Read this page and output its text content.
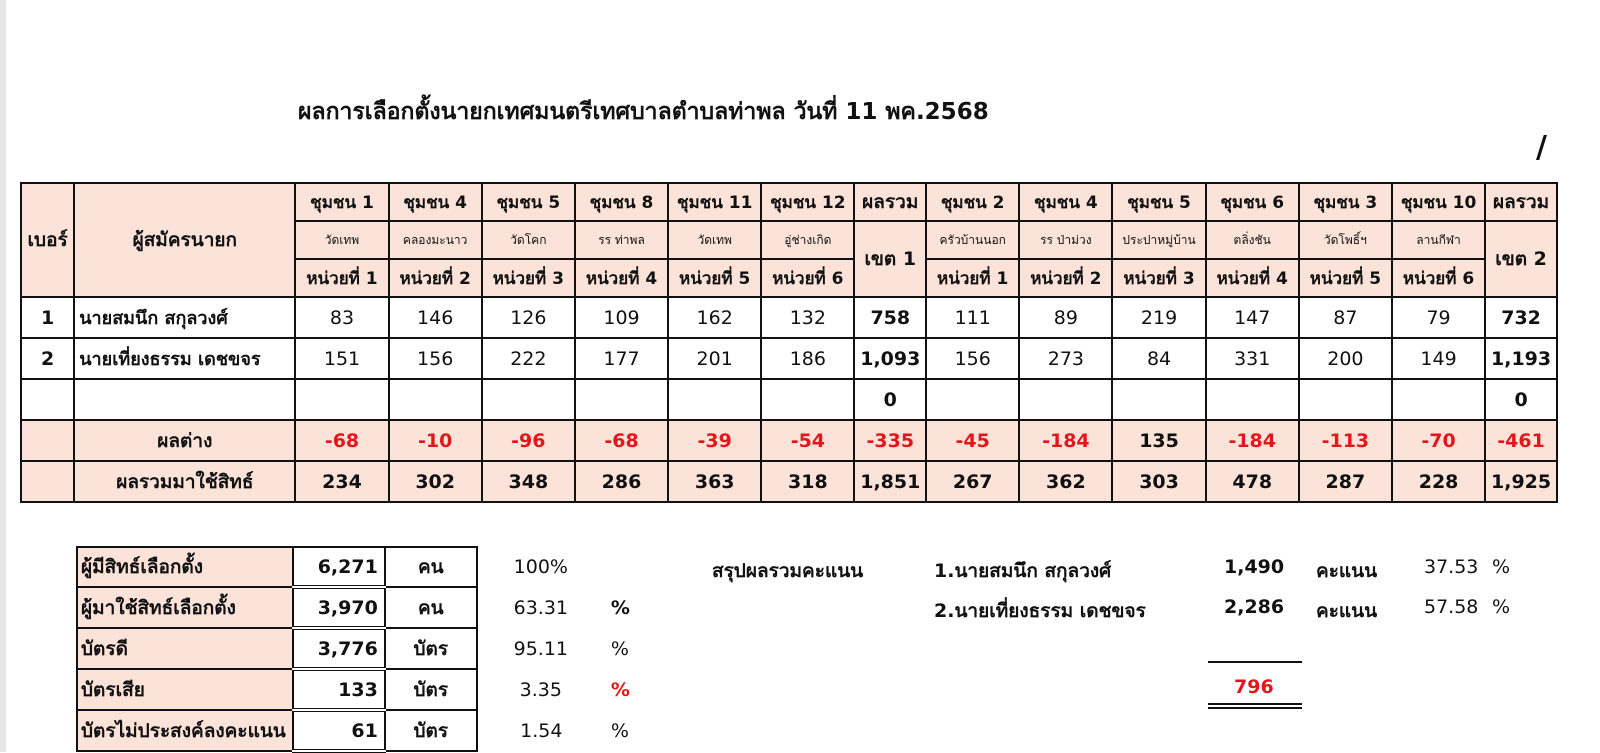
ผลการเลือกตั้งนายกเทศมนตรีเทศบาลตำบลท่าพล วันที่ 11 พค.2568
/
เบอร์	ผู้สมัครนายก	ชุมชน 1	ชุมชน 4	ชุมชน 5	ชุมชน 8	ชุมชน 11	ชุมชน 12	ผลรวม	ชุมชน 2	ชุมชน 4	ชุมชน 5	ชุมชน 6	ชุมชน 3	ชุมชน 10	ผลรวม
		วัดเทพ	คลองมะนาว	วัดโคก	รร ท่าพล	วัดเทพ	อู่ช่างเกิด	เขต 1	ครัวบ้านนอก	รร ป่าม่วง	ประปาหมู่บ้าน	ตลิ่งชัน	วัดโพธิ์ฯ	ลานกีฬา	เขต 2
		หน่วยที่ 1	หน่วยที่ 2	หน่วยที่ 3	หน่วยที่ 4	หน่วยที่ 5	หน่วยที่ 6		หน่วยที่ 1	หน่วยที่ 2	หน่วยที่ 3	หน่วยที่ 4	หน่วยที่ 5	หน่วยที่ 6	
1	นายสมนึก สกุลวงศ์	83	146	126	109	162	132	758	111	89	219	147	87	79	732
2	นายเที่ยงธรรม เดชขจร	151	156	222	177	201	186	1,093	156	273	84	331	200	149	1,193
								0							0
	ผลต่าง	-68	-10	-96	-68	-39	-54	-335	-45	-184	135	-184	-113	-70	-461
	ผลรวมมาใช้สิทธ์	234	302	348	286	363	318	1,851	267	362	303	478	287	228	1,925
ผู้มีสิทธ์เลือกตั้ง	6,271	คน	100%	
ผู้มาใช้สิทธ์เลือกตั้ง	3,970	คน	63.31	%
บัตรดี	3,776	บัตร	95.11	%
บัตรเสีย	133	บัตร	3.35	%
บัตรไม่ประสงค์ลงคะแนน	61	บัตร	1.54	%
สรุปผลรวมคะแนน	1.นายสมนึก สกุลวงศ์	1,490 คะแนน 37.53 %
2.นายเที่ยงธรรม เดชขจร	2,286 คะแนน 57.58 %
796
